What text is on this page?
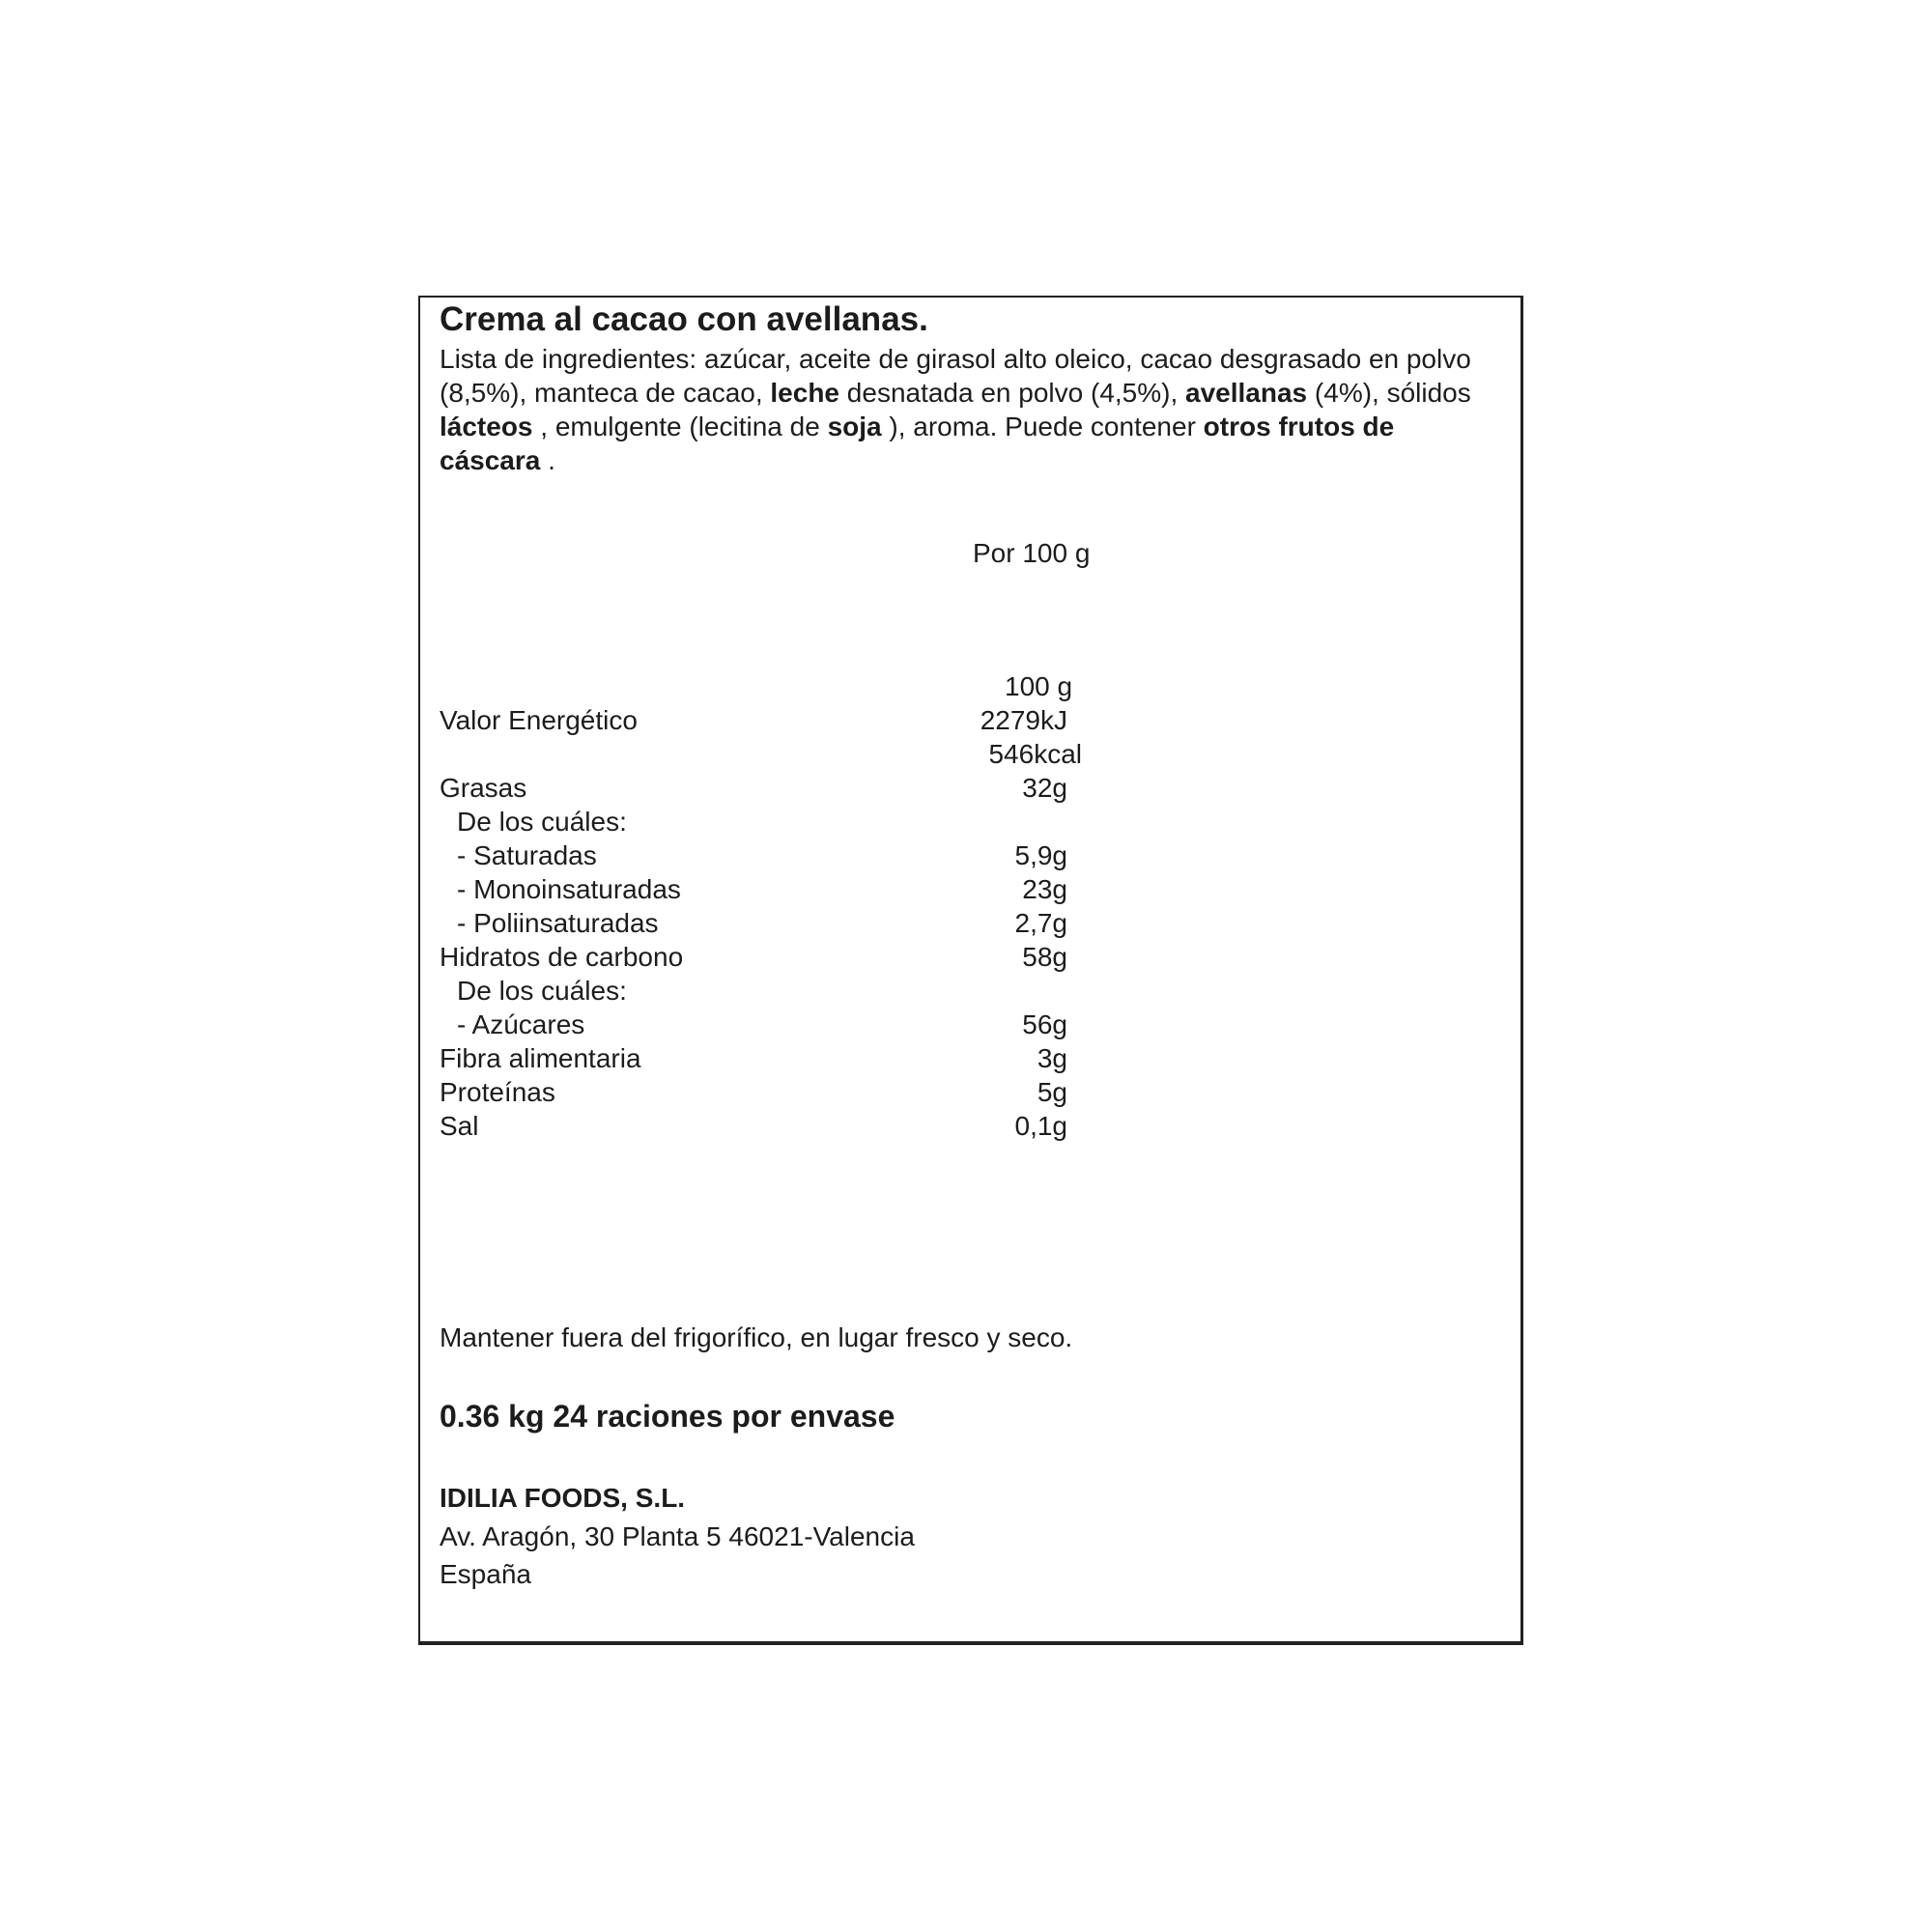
Crema al cacao con avellanas.
Lista de ingredientes: azúcar, aceite de girasol alto oleico, cacao desgrasado en polvo (8,5%), manteca de cacao, leche desnatada en polvo (4,5%), avellanas (4%), sólidos lácteos , emulgente (lecitina de soja ), aroma. Puede contener otros frutos de cáscara .
Por 100 g
100 g
Valor Energético	2279kJ
546kcal
Grasas	32g
De los cuáles:
- Saturadas	5,9g
- Monoinsaturadas	23g
- Poliinsaturadas	2,7g
Hidratos de carbono	58g
De los cuáles:
- Azúcares	56g
Fibra alimentaria	3g
Proteínas	5g
Sal	0,1g
Mantener fuera del frigorífico, en lugar fresco y seco.
0.36 kg 24 raciones por envase
IDILIA FOODS, S.L.
Av. Aragón, 30 Planta 5 46021-Valencia
España
